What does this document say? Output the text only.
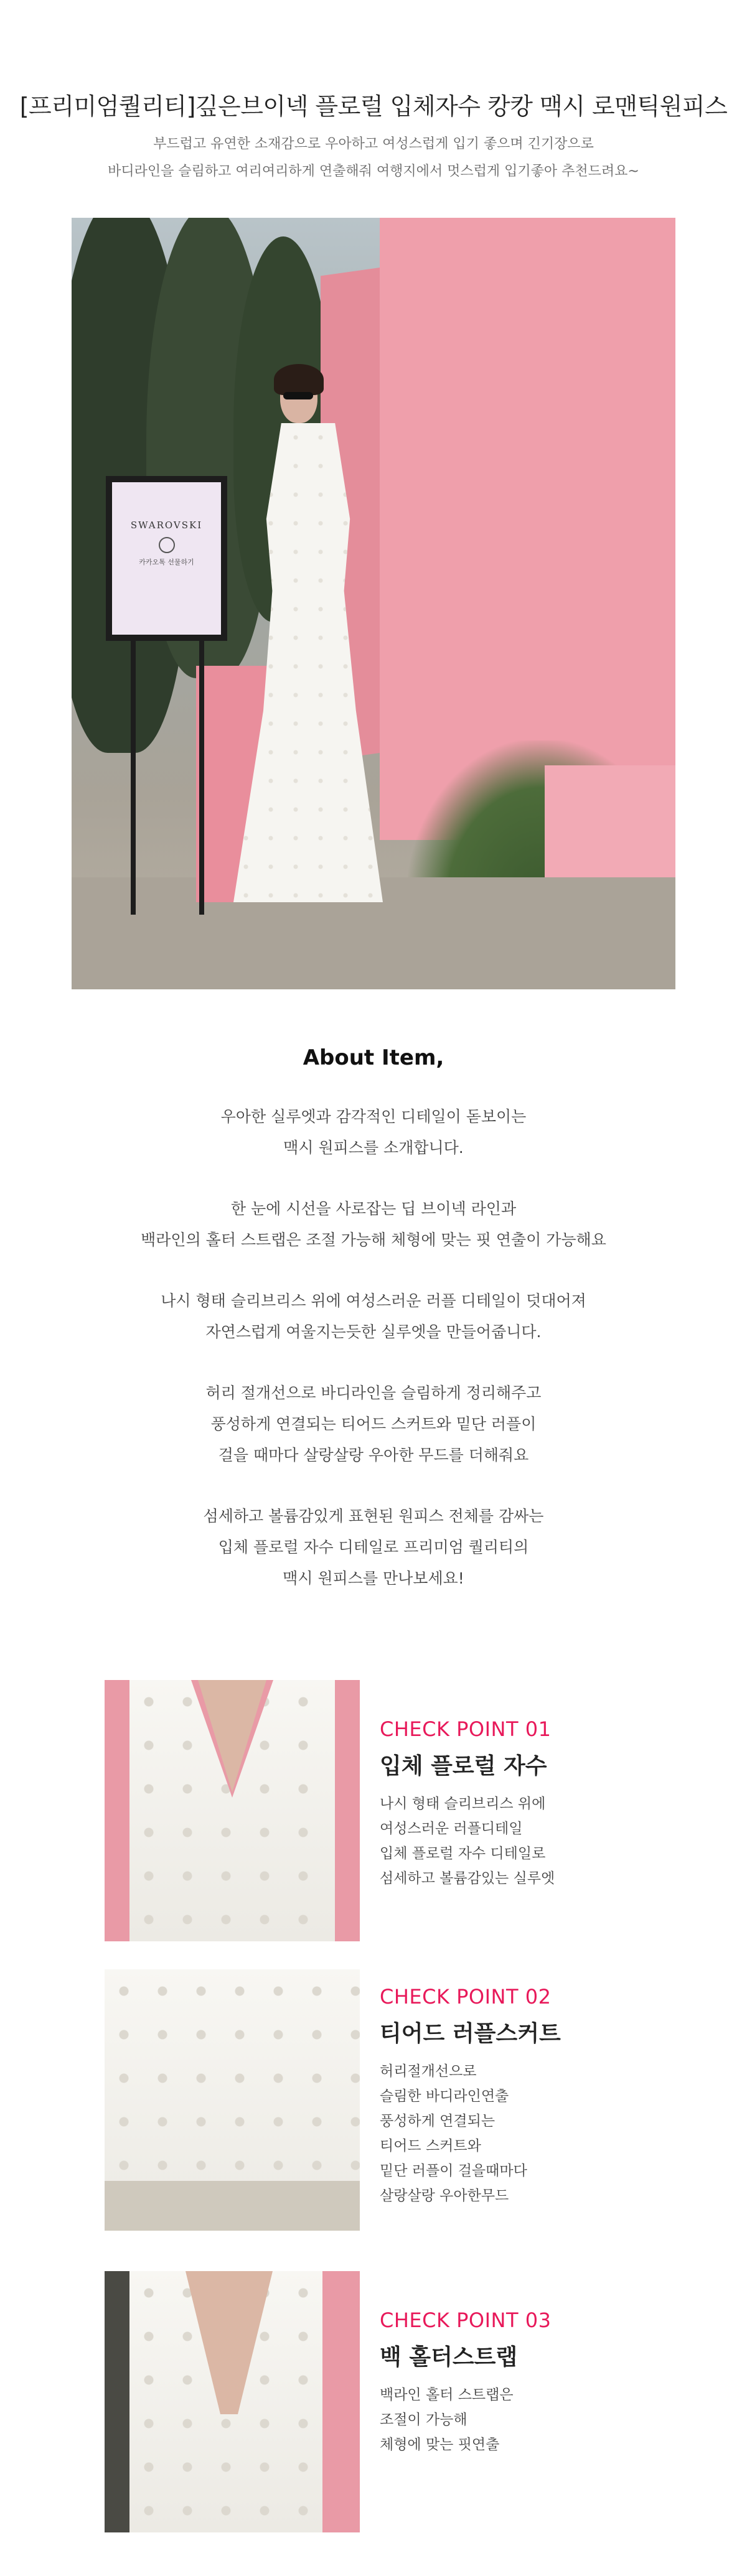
[프리미엄퀄리티]깊은브이넥 플로럴 입체자수 캉캉 맥시 로맨틱원피스
부드럽고 유연한 소재감으로 우아하고 여성스럽게 입기 좋으며 긴기장으로
바디라인을 슬림하고 여리여리하게 연출해줘 여행지에서 멋스럽게 입기좋아 추천드려요~
SWAROVSKI
카카오톡 선물하기
About Item,

우아한 실루엣과 감각적인 디테일이 돋보이는
맥시 원피스를 소개합니다.

한 눈에 시선을 사로잡는 딥 브이넥 라인과
백라인의 홀터 스트랩은 조절 가능해 체형에 맞는 핏 연출이 가능해요

나시 형태 슬리브리스 위에 여성스러운 러플 디테일이 덧대어져
자연스럽게 여울지는듯한 실루엣을 만들어줍니다.

허리 절개선으로 바디라인을 슬림하게 정리해주고
풍성하게 연결되는 티어드 스커트와 밑단 러플이
걸을 때마다 살랑살랑 우아한 무드를 더해줘요

섬세하고 볼륨감있게 표현된 원피스 전체를 감싸는
입체 플로럴 자수 디테일로 프리미엄 퀄리티의
맥시 원피스를 만나보세요!

CHECK POINT 01
입체 플로럴 자수
나시 형태 슬리브리스 위에
여성스러운 러플디테일
입체 플로럴 자수 디테일로
섬세하고 볼륨감있는 실루엣
CHECK POINT 02
티어드 러플스커트
허리절개선으로
슬림한 바디라인연출
풍성하게 연결되는
티어드 스커트와
밑단 러플이 걸을때마다
살랑살랑 우아한무드
CHECK POINT 03
백 홀터스트랩
백라인 홀터 스트랩은
조절이 가능해
체형에 맞는 핏연출
